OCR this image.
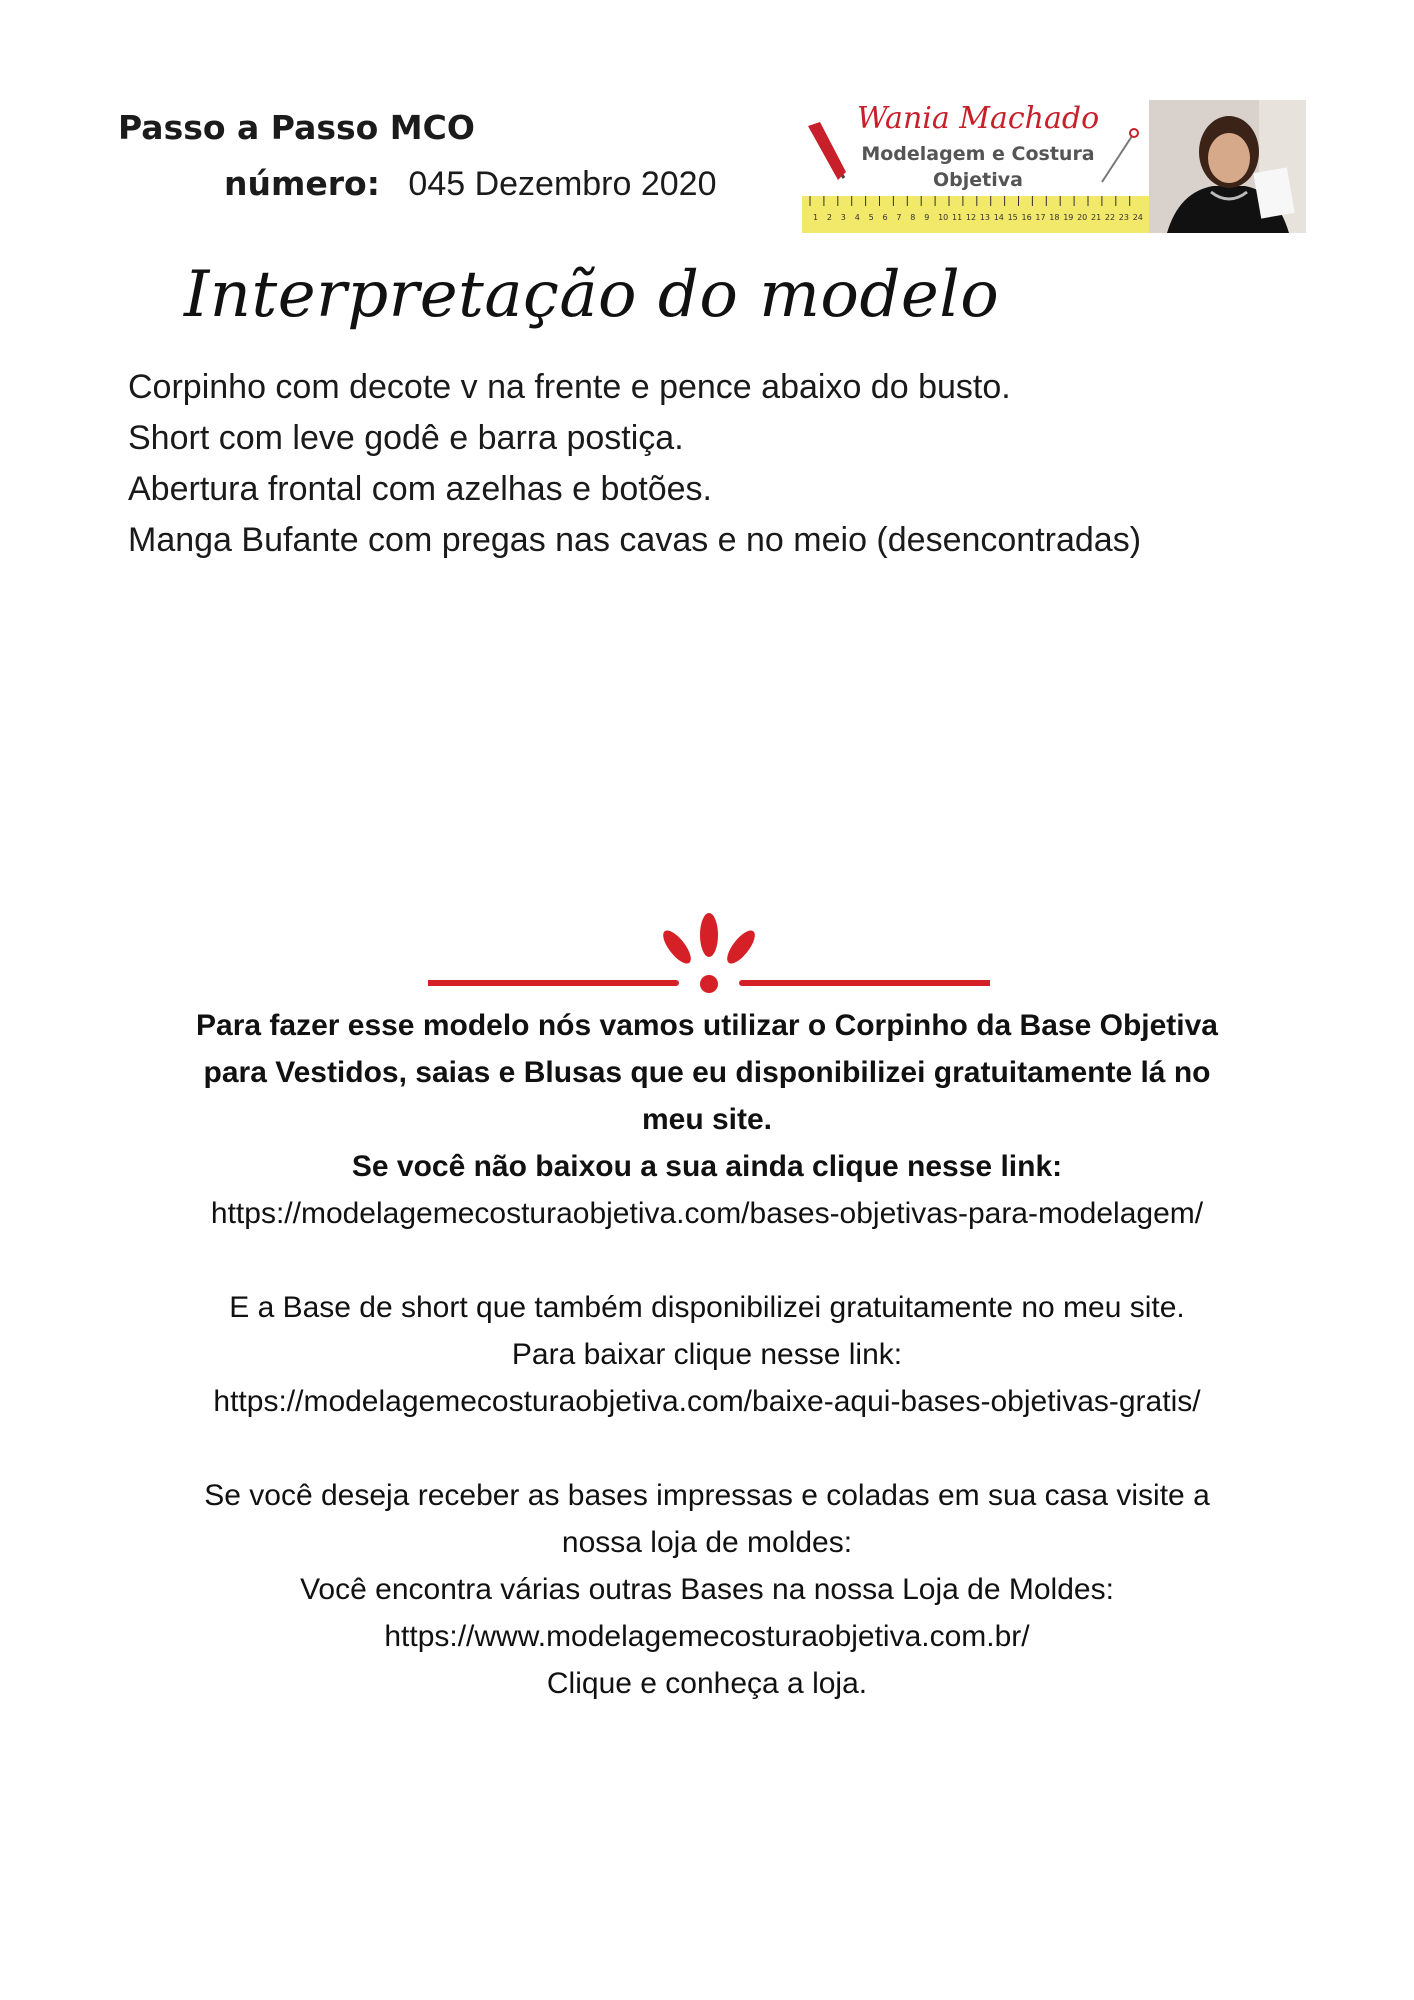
Passo a Passo MCO
número: 045 Dezembro 2020
Wania Machado
Modelagem e Costura
Objetiva
1 2 3 4 5 6 7 8 9 10 11 12 13 14 15 16 17 18 19 20 21 22 23 24
Interpretação do modelo
Corpinho com decote v na frente e pence abaixo do busto.
Short com leve godê e barra postiça.
Abertura frontal com azelhas e botões.
Manga Bufante com pregas nas cavas e no meio (desencontradas)
Para fazer esse modelo nós vamos utilizar o Corpinho da Base Objetiva
para Vestidos, saias e Blusas que eu disponibilizei gratuitamente lá no
meu site.
Se você não baixou a sua ainda clique nesse link:
https://modelagemecosturaobjetiva.com/bases-objetivas-para-modelagem/
E a Base de short que também disponibilizei gratuitamente no meu site.
Para baixar clique nesse link:
https://modelagemecosturaobjetiva.com/baixe-aqui-bases-objetivas-gratis/
Se você deseja receber as bases impressas e coladas em sua casa visite a
nossa loja de moldes:
Você encontra várias outras Bases na nossa Loja de Moldes:
https://www.modelagemecosturaobjetiva.com.br/
Clique e conheça a loja.
